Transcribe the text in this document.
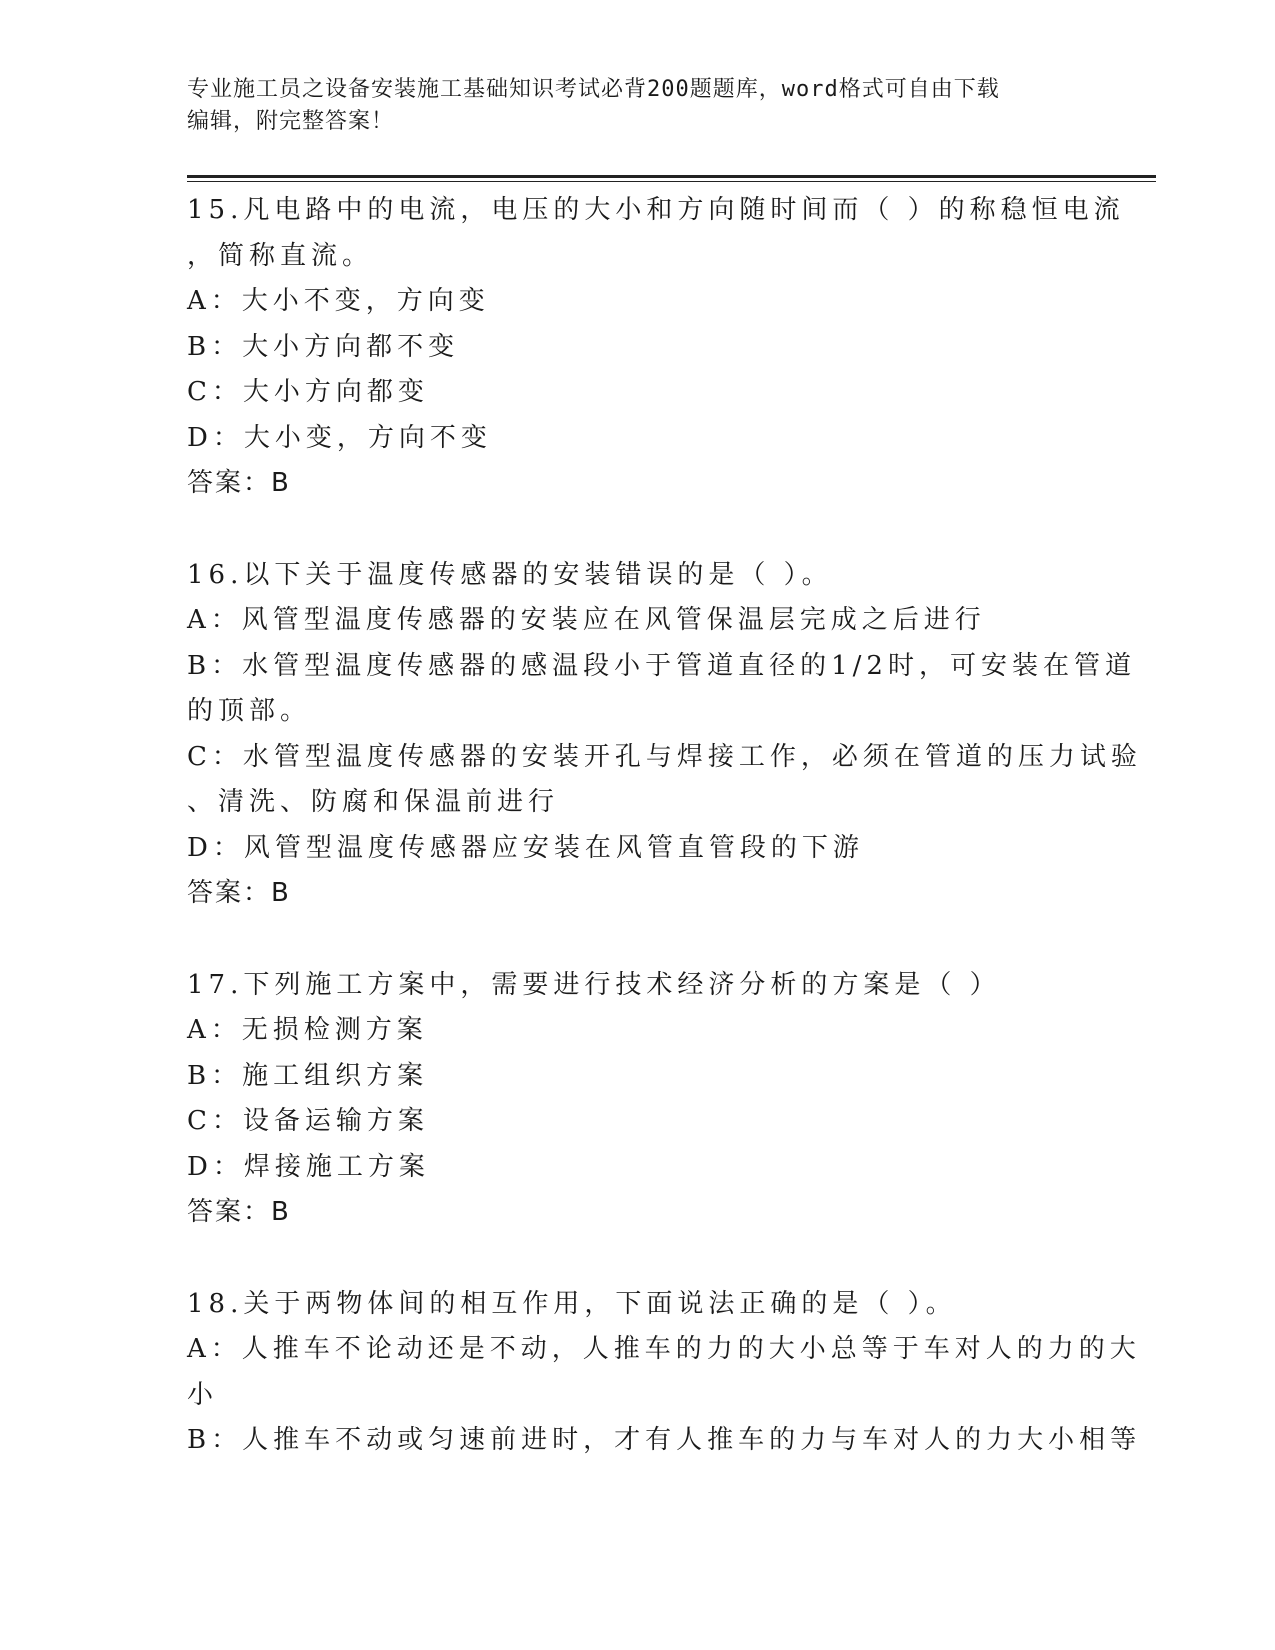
专业施工员之设备安装施工基础知识考试必背200题题库，word格式可自由下载
编辑，附完整答案！
15.凡电路中的电流，电压的大小和方向随时间而（ ）的称稳恒电流
，简称直流。
A：大小不变，方向变
B：大小方向都不变
C：大小方向都变
D：大小变，方向不变
答案：B
16.以下关于温度传感器的安装错误的是（ ）。
A：风管型温度传感器的安装应在风管保温层完成之后进行
B：水管型温度传感器的感温段小于管道直径的1/2时，可安装在管道
的顶部。
C：水管型温度传感器的安装开孔与焊接工作，必须在管道的压力试验
、清洗、防腐和保温前进行
D：风管型温度传感器应安装在风管直管段的下游
答案：B
17.下列施工方案中，需要进行技术经济分析的方案是（ ）
A：无损检测方案
B：施工组织方案
C：设备运输方案
D：焊接施工方案
答案：B
18.关于两物体间的相互作用，下面说法正确的是（ ）。
A：人推车不论动还是不动，人推车的力的大小总等于车对人的力的大
小
B：人推车不动或匀速前进时，才有人推车的力与车对人的力大小相等
